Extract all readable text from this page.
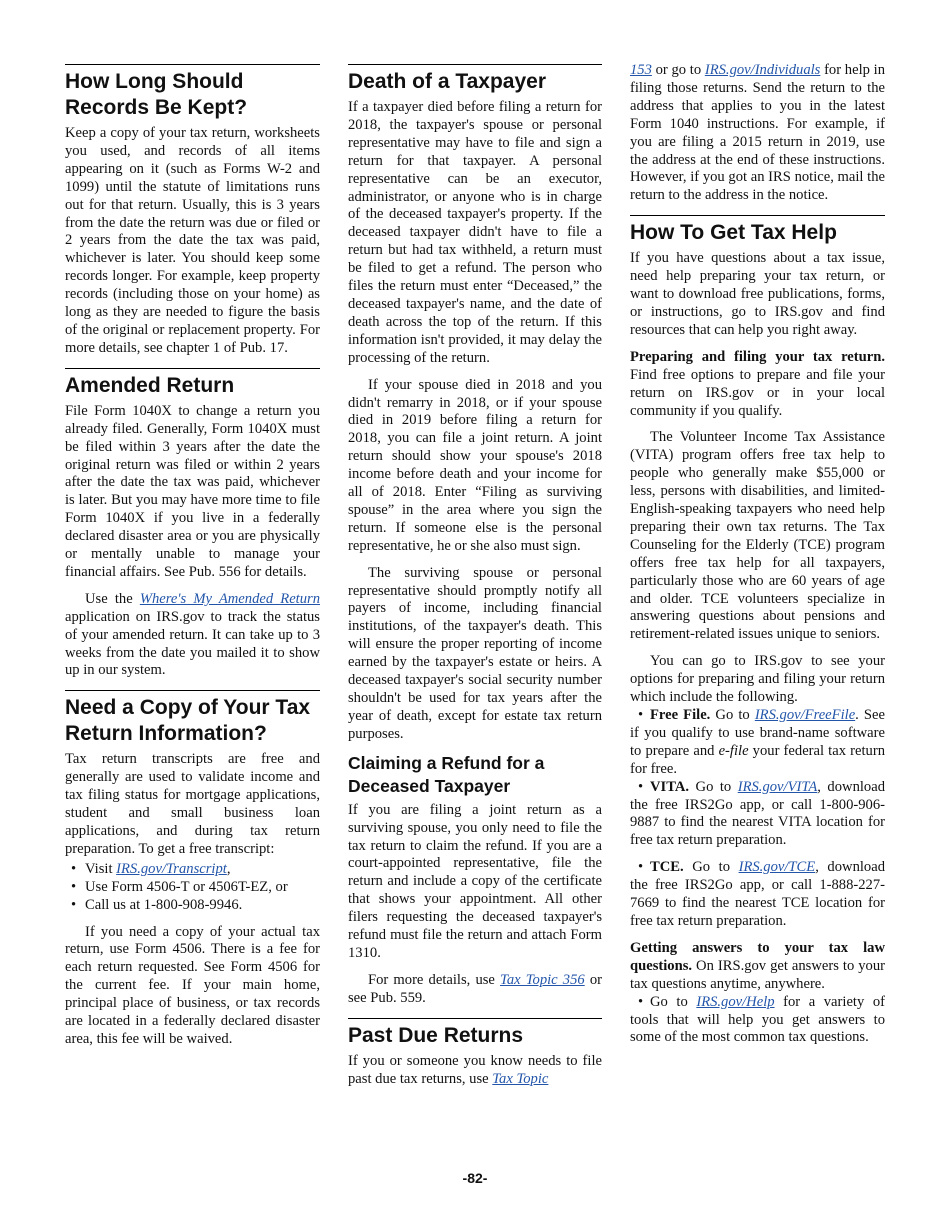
How Long Should Records Be Kept?

Keep a copy of your tax return, worksheets you used, and records of all items appearing on it (such as Forms W-2 and 1099) until the statute of limitations runs out for that return. Usually, this is 3 years from the date the return was due or filed or 2 years from the date the tax was paid, whichever is later. You should keep some records longer. For example, keep property records (including those on your home) as long as they are needed to figure the basis of the original or replacement property. For more details, see chapter 1 of Pub. 17.

Amended Return

File Form 1040X to change a return you already filed. Generally, Form 1040X must be filed within 3 years after the date the original return was filed or within 2 years after the date the tax was paid, whichever is later. But you may have more time to file Form 1040X if you live in a federally declared disaster area or you are physically or mentally unable to manage your financial affairs. See Pub. 556 for details.

Use the Where's My Amended Return application on IRS.gov to track the status of your amended return. It can take up to 3 weeks from the date you mailed it to show up in our system.

Need a Copy of Your Tax Return Information?

Tax return transcripts are free and generally are used to validate income and tax filing status for mortgage applications, student and small business loan applications, and during tax return preparation. To get a free transcript:

• Visit IRS.gov/Transcript,
• Use Form 4506-T or 4506T-EZ, or
• Call us at 1-800-908-9946.

If you need a copy of your actual tax return, use Form 4506. There is a fee for each return requested. See Form 4506 for the current fee. If your main home, principal place of business, or tax records are located in a federally declared disaster area, this fee will be waived.

Death of a Taxpayer

If a taxpayer died before filing a return for 2018, the taxpayer's spouse or personal representative may have to file and sign a return for that taxpayer. A personal representative can be an executor, administrator, or anyone who is in charge of the deceased taxpayer's property. If the deceased taxpayer didn't have to file a return but had tax withheld, a return must be filed to get a refund. The person who files the return must enter “Deceased,” the deceased taxpayer's name, and the date of death across the top of the return. If this information isn't provided, it may delay the processing of the return.

If your spouse died in 2018 and you didn't remarry in 2018, or if your spouse died in 2019 before filing a return for 2018, you can file a joint return. A joint return should show your spouse's 2018 income before death and your income for all of 2018. Enter “Filing as surviving spouse” in the area where you sign the return. If someone else is the personal representative, he or she also must sign.

The surviving spouse or personal representative should promptly notify all payers of income, including financial institutions, of the taxpayer's death. This will ensure the proper reporting of income earned by the taxpayer's estate or heirs. A deceased taxpayer's social security number shouldn't be used for tax years after the year of death, except for estate tax return purposes.

Claiming a Refund for a Deceased Taxpayer

If you are filing a joint return as a surviving spouse, you only need to file the tax return to claim the refund. If you are a court-appointed representative, file the return and include a copy of the certificate that shows your appointment. All other filers requesting the deceased taxpayer's refund must file the return and attach Form 1310.

For more details, use Tax Topic 356 or see Pub. 559.

Past Due Returns

If you or someone you know needs to file past due tax returns, use Tax Topic

153 or go to IRS.gov/Individuals for help in filing those returns. Send the return to the address that applies to you in the latest Form 1040 instructions. For example, if you are filing a 2015 return in 2019, use the address at the end of these instructions. However, if you got an IRS notice, mail the return to the address in the notice.

How To Get Tax Help

If you have questions about a tax issue, need help preparing your tax return, or want to download free publications, forms, or instructions, go to IRS.gov and find resources that can help you right away.

Preparing and filing your tax return. Find free options to prepare and file your return on IRS.gov or in your local community if you qualify.

The Volunteer Income Tax Assistance (VITA) program offers free tax help to people who generally make $55,000 or less, persons with disabilities, and limited-English-speaking taxpayers who need help preparing their own tax returns. The Tax Counseling for the Elderly (TCE) program offers free tax help for all taxpayers, particularly those who are 60 years of age and older. TCE volunteers specialize in answering questions about pensions and retirement-related issues unique to seniors.

You can go to IRS.gov to see your options for preparing and filing your return which include the following.

• Free File. Go to IRS.gov/FreeFile. See if you qualify to use brand-name software to prepare and e-file your federal tax return for free.

• VITA. Go to IRS.gov/VITA, download the free IRS2Go app, or call 1-800-906-9887 to find the nearest VITA location for free tax return preparation.

• TCE. Go to IRS.gov/TCE, download the free IRS2Go app, or call 1-888-227-7669 to find the nearest TCE location for free tax return preparation.

Getting answers to your tax law questions. On IRS.gov get answers to your tax questions anytime, anywhere.

• Go to IRS.gov/Help for a variety of tools that will help you get answers to some of the most common tax questions.

-82-
